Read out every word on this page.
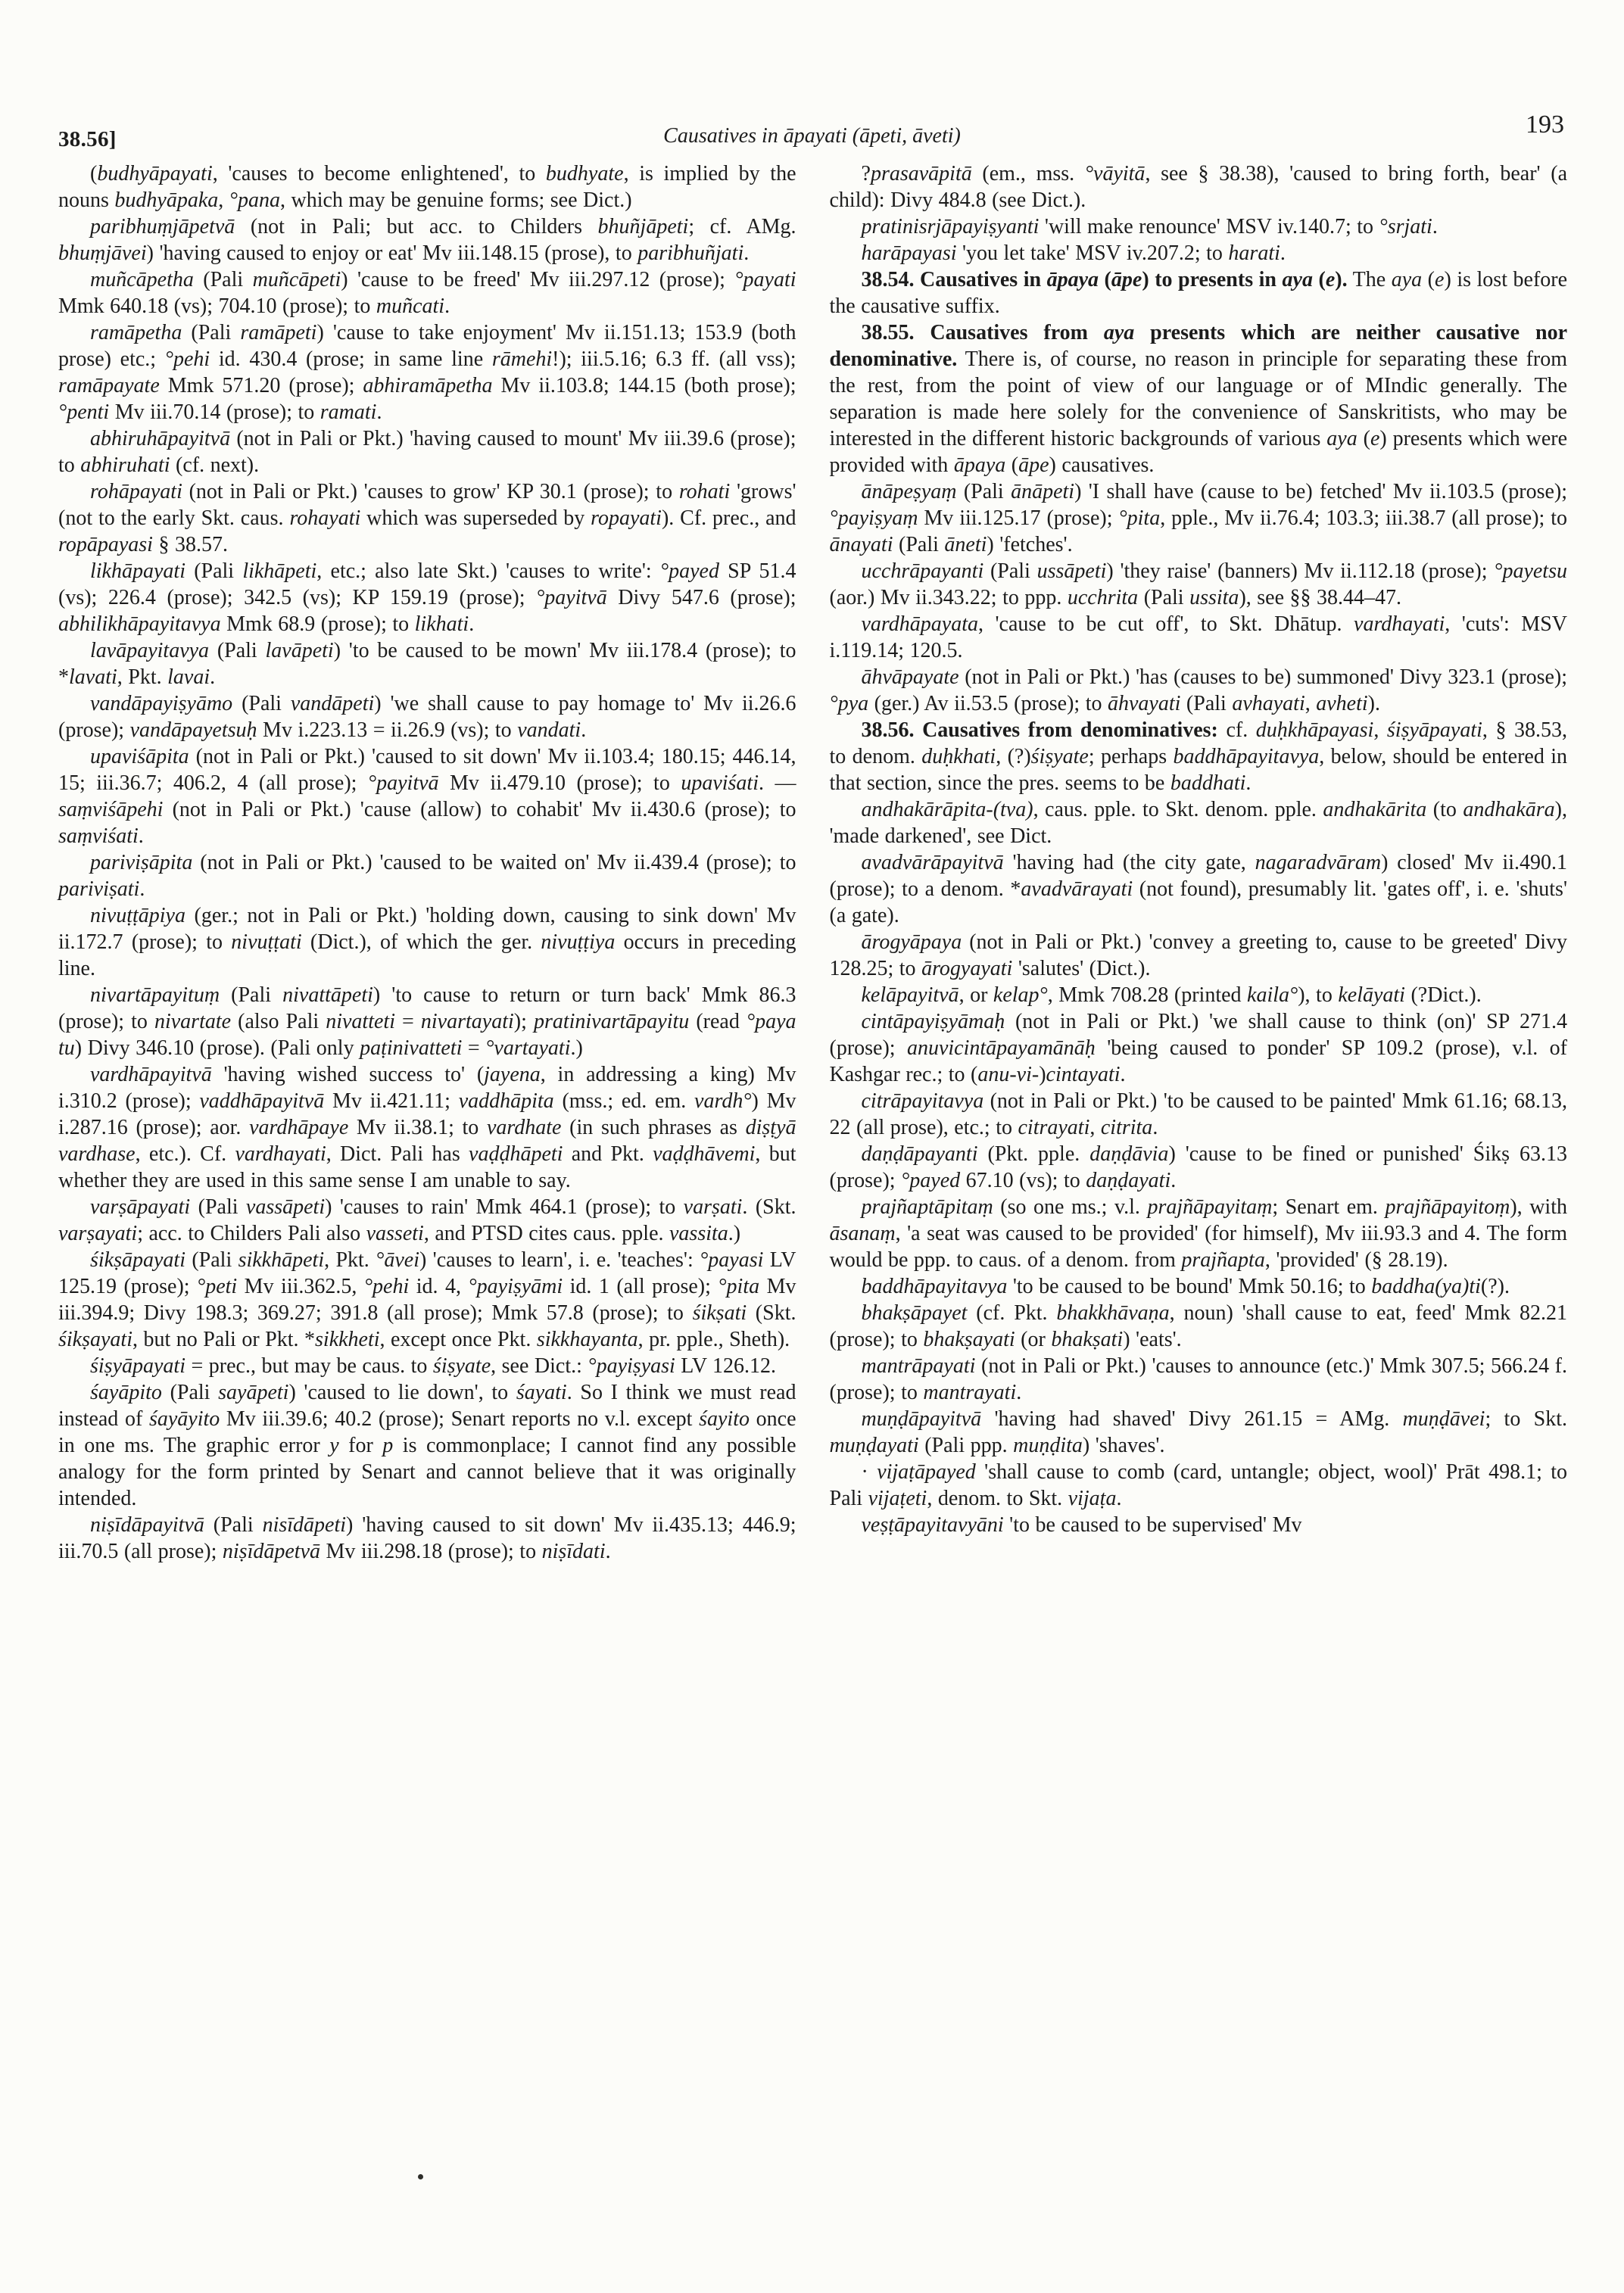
38.56]	Causatives in āpayati (āpeti, āveti)	193

(budhyāpayati, 'causes to become enlightened', to budhyate, is implied by the nouns budhyāpaka, °pana, which may be genuine forms; see Dict.)

paribhuṃjāpetvā (not in Pali; but acc. to Childers bhuñjāpeti; cf. AMg. bhuṃjāvei) 'having caused to enjoy or eat' Mv iii.148.15 (prose), to paribhuñjati.

muñcāpetha (Pali muñcāpeti) 'cause to be freed' Mv iii.297.12 (prose); °payati Mmk 640.18 (vs); 704.10 (prose); to muñcati.

ramāpetha (Pali ramāpeti) 'cause to take enjoyment' Mv ii.151.13; 153.9 (both prose) etc.; °pehi id. 430.4 (prose; in same line rāmehi!); iii.5.16; 6.3 ff. (all vss); ramāpayate Mmk 571.20 (prose); abhiramāpetha Mv ii.103.8; 144.15 (both prose); °penti Mv iii.70.14 (prose); to ramati.

abhiruhāpayitvā (not in Pali or Pkt.) 'having caused to mount' Mv iii.39.6 (prose); to abhiruhati (cf. next).

rohāpayati (not in Pali or Pkt.) 'causes to grow' KP 30.1 (prose); to rohati 'grows' (not to the early Skt. caus. rohayati which was superseded by ropayati). Cf. prec., and ropāpayasi § 38.57.

likhāpayati (Pali likhāpeti, etc.; also late Skt.) 'causes to write': °payed SP 51.4 (vs); 226.4 (prose); 342.5 (vs); KP 159.19 (prose); °payitvā Divy 547.6 (prose); abhilikhāpayitavya Mmk 68.9 (prose); to likhati.

lavāpayitavya (Pali lavāpeti) 'to be caused to be mown' Mv iii.178.4 (prose); to *lavati, Pkt. lavai.

vandāpayiṣyāmo (Pali vandāpeti) 'we shall cause to pay homage to' Mv ii.26.6 (prose); vandāpayetsuḥ Mv i.223.13 = ii.26.9 (vs); to vandati.

upaviśāpita (not in Pali or Pkt.) 'caused to sit down' Mv ii.103.4; 180.15; 446.14, 15; iii.36.7; 406.2, 4 (all prose); °payitvā Mv ii.479.10 (prose); to upaviśati. — saṃviśāpehi (not in Pali or Pkt.) 'cause (allow) to cohabit' Mv ii.430.6 (prose); to saṃviśati.

pariviṣāpita (not in Pali or Pkt.) 'caused to be waited on' Mv ii.439.4 (prose); to pariviṣati.

nivuṭṭāpiya (ger.; not in Pali or Pkt.) 'holding down, causing to sink down' Mv ii.172.7 (prose); to nivuṭṭati (Dict.), of which the ger. nivuṭṭiya occurs in preceding line.

nivartāpayituṃ (Pali nivattāpeti) 'to cause to return or turn back' Mmk 86.3 (prose); to nivartate (also Pali nivatteti = nivartayati); pratinivartāpayitu (read °paya tu) Divy 346.10 (prose). (Pali only paṭinivatteti = °vartayati.)

vardhāpayitvā 'having wished success to' (jayena, in addressing a king) Mv i.310.2 (prose); vaddhāpayitvā Mv ii.421.11; vaddhāpita (mss.; ed. em. vardh°) Mv i.287.16 (prose); aor. vardhāpaye Mv ii.38.1; to vardhate (in such phrases as diṣṭyā vardhase, etc.). Cf. vardhayati, Dict. Pali has vaḍḍhāpeti and Pkt. vaḍḍhāvemi, but whether they are used in this same sense I am unable to say.

varṣāpayati (Pali vassāpeti) 'causes to rain' Mmk 464.1 (prose); to varṣati. (Skt. varṣayati; acc. to Childers Pali also vasseti, and PTSD cites caus. pple. vassita.)

śikṣāpayati (Pali sikkhāpeti, Pkt. °āvei) 'causes to learn', i. e. 'teaches': °payasi LV 125.19 (prose); °peti Mv iii.362.5, °pehi id. 4, °payiṣyāmi id. 1 (all prose); °pita Mv iii.394.9; Divy 198.3; 369.27; 391.8 (all prose); Mmk 57.8 (prose); to śikṣati (Skt. śikṣayati, but no Pali or Pkt. *sikkheti, except once Pkt. sikkhayanta, pr. pple., Sheth).

śiṣyāpayati = prec., but may be caus. to śiṣyate, see Dict.: °payiṣyasi LV 126.12.

śayāpito (Pali sayāpeti) 'caused to lie down', to śayati. So I think we must read instead of śayāyito Mv iii.39.6; 40.2 (prose); Senart reports no v.l. except śayito once in one ms. The graphic error y for p is commonplace; I cannot find any possible analogy for the form printed by Senart and cannot believe that it was originally intended.

niṣīdāpayitvā (Pali nisīdāpeti) 'having caused to sit down' Mv ii.435.13; 446.9; iii.70.5 (all prose); niṣīdāpetvā Mv iii.298.18 (prose); to niṣīdati.

?prasavāpitā (em., mss. °vāyitā, see § 38.38), 'caused to bring forth, bear' (a child): Divy 484.8 (see Dict.).

pratinisrjāpayiṣyanti 'will make renounce' MSV iv.140.7; to °srjati.

harāpayasi 'you let take' MSV iv.207.2; to harati.

38.54. Causatives in āpaya (āpe) to presents in aya (e). The aya (e) is lost before the causative suffix.

38.55. Causatives from aya presents which are neither causative nor denominative. There is, of course, no reason in principle for separating these from the rest, from the point of view of our language or of MIndic generally. The separation is made here solely for the convenience of Sanskritists, who may be interested in the different historic backgrounds of various aya (e) presents which were provided with āpaya (āpe) causatives.

ānāpeṣyaṃ (Pali ānāpeti) 'I shall have (cause to be) fetched' Mv ii.103.5 (prose); °payiṣyaṃ Mv iii.125.17 (prose); °pita, pple., Mv ii.76.4; 103.3; iii.38.7 (all prose); to ānayati (Pali āneti) 'fetches'.

ucchrāpayanti (Pali ussāpeti) 'they raise' (banners) Mv ii.112.18 (prose); °payetsu (aor.) Mv ii.343.22; to ppp. ucchrita (Pali ussita), see §§ 38.44–47.

vardhāpayata, 'cause to be cut off', to Skt. Dhātup. vardhayati, 'cuts': MSV i.119.14; 120.5.

āhvāpayate (not in Pali or Pkt.) 'has (causes to be) summoned' Divy 323.1 (prose); °pya (ger.) Av ii.53.5 (prose); to āhvayati (Pali avhayati, avheti).

38.56. Causatives from denominatives: cf. duḥkhāpayasi, śiṣyāpayati, § 38.53, to denom. duḥkhati, (?)śiṣyate; perhaps baddhāpayitavya, below, should be entered in that section, since the pres. seems to be baddhati.

andhakārāpita-(tva), caus. pple. to Skt. denom. pple. andhakārita (to andhakāra), 'made darkened', see Dict.

avadvārāpayitvā 'having had (the city gate, nagaradvāram) closed' Mv ii.490.1 (prose); to a denom. *avadvārayati (not found), presumably lit. 'gates off', i. e. 'shuts' (a gate).

ārogyāpaya (not in Pali or Pkt.) 'convey a greeting to, cause to be greeted' Divy 128.25; to ārogyayati 'salutes' (Dict.).

kelāpayitvā, or kelap°, Mmk 708.28 (printed kaila°), to kelāyati (?Dict.).

cintāpayiṣyāmaḥ (not in Pali or Pkt.) 'we shall cause to think (on)' SP 271.4 (prose); anuvicintāpayamānāḥ 'being caused to ponder' SP 109.2 (prose), v.l. of Kashgar rec.; to (anu-vi-)cintayati.

citrāpayitavya (not in Pali or Pkt.) 'to be caused to be painted' Mmk 61.16; 68.13, 22 (all prose), etc.; to citrayati, citrita.

daṇḍāpayanti (Pkt. pple. daṇḍāvia) 'cause to be fined or punished' Śikṣ 63.13 (prose); °payed 67.10 (vs); to daṇḍayati.

prajñaptāpitaṃ (so one ms.; v.l. prajñāpayitaṃ; Senart em. prajñāpayitoṃ), with āsanaṃ, 'a seat was caused to be provided' (for himself), Mv iii.93.3 and 4. The form would be ppp. to caus. of a denom. from prajñapta, 'provided' (§ 28.19).

baddhāpayitavya 'to be caused to be bound' Mmk 50.16; to baddha(ya)ti(?).

bhakṣāpayet (cf. Pkt. bhakkhāvaṇa, noun) 'shall cause to eat, feed' Mmk 82.21 (prose); to bhakṣayati (or bhakṣati) 'eats'.

mantrāpayati (not in Pali or Pkt.) 'causes to announce (etc.)' Mmk 307.5; 566.24 f. (prose); to mantrayati.

muṇḍāpayitvā 'having had shaved' Divy 261.15 = AMg. muṇḍāvei; to Skt. muṇḍayati (Pali ppp. muṇḍita) 'shaves'.

· vijaṭāpayed 'shall cause to comb (card, untangle; object, wool)' Prāt 498.1; to Pali vijaṭeti, denom. to Skt. vijaṭa.

veṣṭāpayitavyāni 'to be caused to be supervised' Mv
